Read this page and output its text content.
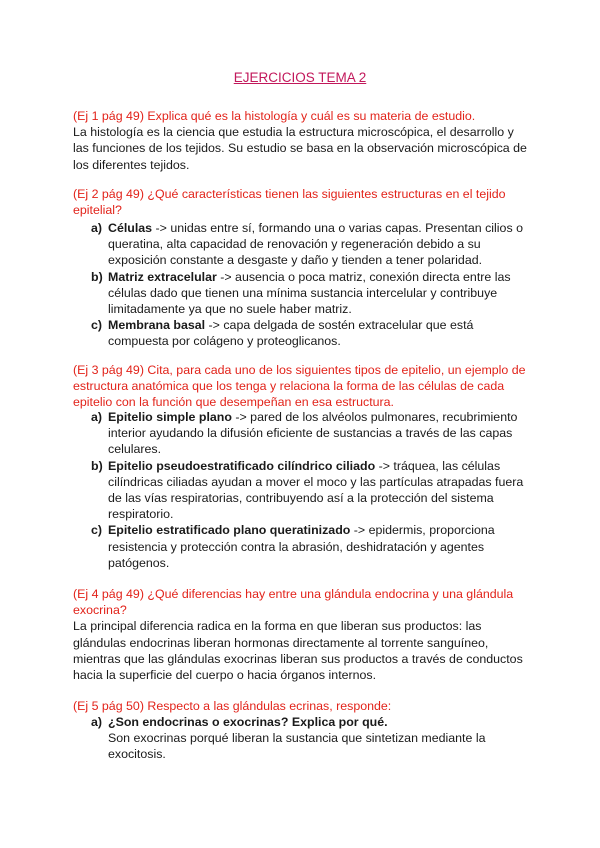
EJERCICIOS TEMA 2
(Ej 1 pág 49) Explica qué es la histología y cuál es su materia de estudio.
La histología es la ciencia que estudia la estructura microscópica, el desarrollo y las funciones de los tejidos. Su estudio se basa en la observación microscópica de los diferentes tejidos.
(Ej 2 pág 49) ¿Qué características tienen las siguientes estructuras en el tejido epitelial?
a) Células -> unidas entre sí, formando una o varias capas. Presentan cilios o queratina, alta capacidad de renovación y regeneración debido a su exposición constante a desgaste y daño y tienden a tener polaridad.
b) Matriz extracelular -> ausencia o poca matriz, conexión directa entre las células dado que tienen una mínima sustancia intercelular y contribuye limitadamente ya que no suele haber matriz.
c) Membrana basal -> capa delgada de sostén extracelular que está compuesta por colágeno y proteoglicanos.
(Ej 3 pág 49) Cita, para cada uno de los siguientes tipos de epitelio, un ejemplo de estructura anatómica que los tenga y relaciona la forma de las células de cada epitelio con la función que desempeñan en esa estructura.
a) Epitelio simple plano -> pared de los alvéolos pulmonares, recubrimiento interior ayudando la difusión eficiente de sustancias a través de las capas celulares.
b) Epitelio pseudoestratificado cilíndrico ciliado -> tráquea, las células cilíndricas ciliadas ayudan a mover el moco y las partículas atrapadas fuera de las vías respiratorias, contribuyendo así a la protección del sistema respiratorio.
c) Epitelio estratificado plano queratinizado -> epidermis, proporciona resistencia y protección contra la abrasión, deshidratación y agentes patógenos.
(Ej 4 pág 49) ¿Qué diferencias hay entre una glándula endocrina y una glándula exocrina?
La principal diferencia radica en la forma en que liberan sus productos: las glándulas endocrinas liberan hormonas directamente al torrente sanguíneo, mientras que las glándulas exocrinas liberan sus productos a través de conductos hacia la superficie del cuerpo o hacia órganos internos.
(Ej 5 pág 50) Respecto a las glándulas ecrinas, responde:
a) ¿Son endocrinas o exocrinas? Explica por qué.
Son exocrinas porqué liberan la sustancia que sintetizan mediante la exocitosis.
